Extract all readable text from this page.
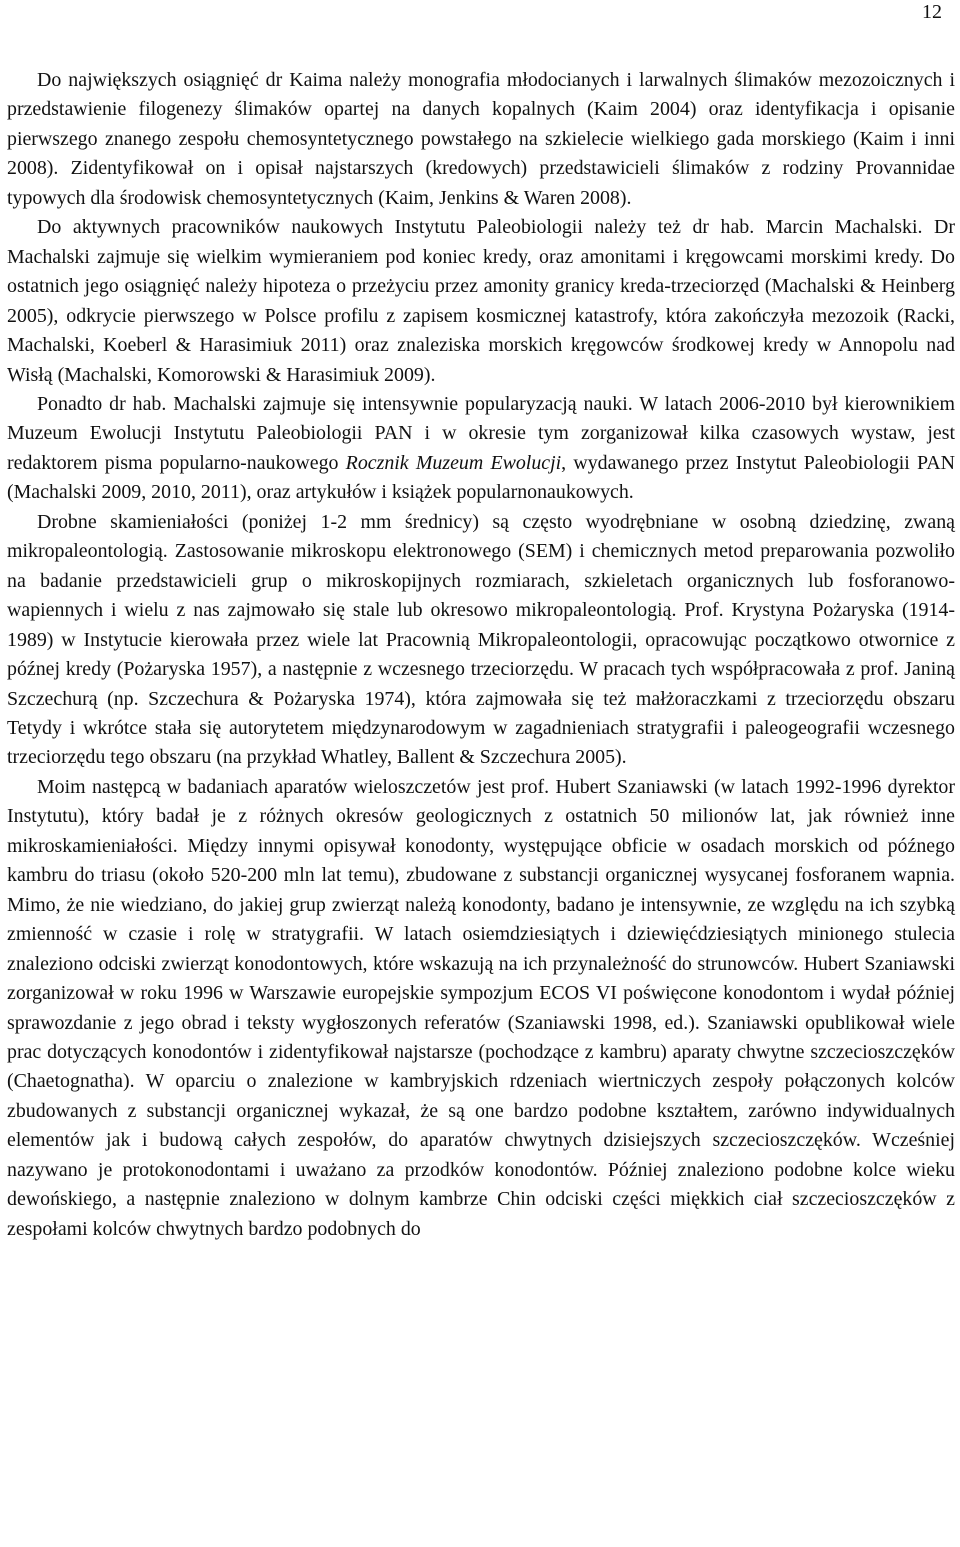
12

Do największych osiągnięć dr Kaima należy monografia młodocianych i larwalnych ślimaków mezozoicznych i przedstawienie filogenezy ślimaków opartej na danych kopalnych (Kaim 2004) oraz identyfikacja i opisanie pierwszego znanego zespołu chemosyntetycznego powstałego na szkielecie wielkiego gada morskiego (Kaim i inni 2008). Zidentyfikował on i opisał najstarszych (kredowych) przedstawicieli ślimaków z rodziny Provannidae typowych dla środowisk chemosyntetycznych (Kaim, Jenkins & Waren 2008).

Do aktywnych pracowników naukowych Instytutu Paleobiologii należy też dr hab. Marcin Machalski. Dr Machalski zajmuje się wielkim wymieraniem pod koniec kredy, oraz amonitami i kręgowcami morskimi kredy. Do ostatnich jego osiągnięć należy hipoteza o przeżyciu przez amonity granicy kreda-trzeciorzęd (Machalski & Heinberg 2005), odkrycie pierwszego w Polsce profilu z zapisem kosmicznej katastrofy, która zakończyła mezozoik (Racki, Machalski, Koeberl & Harasimiuk 2011) oraz znaleziska morskich kręgowców środkowej kredy w Annopolu nad Wisłą (Machalski, Komorowski & Harasimiuk 2009).

Ponadto dr hab. Machalski zajmuje się intensywnie popularyzacją nauki. W latach 2006-2010 był kierownikiem Muzeum Ewolucji Instytutu Paleobiologii PAN i w okresie tym zorganizował kilka czasowych wystaw, jest redaktorem pisma popularno-naukowego Rocznik Muzeum Ewolucji, wydawanego przez Instytut Paleobiologii PAN (Machalski 2009, 2010, 2011), oraz artykułów i książek popularnonaukowych.

Drobne skamieniałości (poniżej 1-2 mm średnicy) są często wyodrębniane w osobną dziedzinę, zwaną mikropaleontologią. Zastosowanie mikroskopu elektronowego (SEM) i chemicznych metod preparowania pozwoliło na badanie przedstawicieli grup o mikroskopijnych rozmiarach, szkieletach organicznych lub fosforanowo-wapiennych i wielu z nas zajmowało się stale lub okresowo mikropaleontologią. Prof. Krystyna Pożaryska (1914-1989) w Instytucie kierowała przez wiele lat Pracownią Mikropaleontologii, opracowując początkowo otwornice z późnej kredy (Pożaryska 1957), a następnie z wczesnego trzeciorzędu. W pracach tych współpracowała z prof. Janiną Szczechurą (np. Szczechura & Pożaryska 1974), która zajmowała się też małżoraczkami z trzeciorzędu obszaru Tetydy i wkrótce stała się autorytetem międzynarodowym w zagadnieniach stratygrafii i paleogeografii wczesnego trzeciorzędu tego obszaru (na przykład Whatley, Ballent & Szczechura 2005).

Moim następcą w badaniach aparatów wieloszczetów jest prof. Hubert Szaniawski (w latach 1992-1996 dyrektor Instytutu), który badał je z różnych okresów geologicznych z ostatnich 50 milionów lat, jak również inne mikroskamieniałości. Między innymi opisywał konodonty, występujące obficie w osadach morskich od późnego kambru do triasu (około 520-200 mln lat temu), zbudowane z substancji organicznej wysycanej fosforanem wapnia. Mimo, że nie wiedziano, do jakiej grup zwierząt należą konodonty, badano je intensywnie, ze względu na ich szybką zmienność w czasie i rolę w stratygrafii. W latach osiemdziesiątych i dziewięćdziesiątych minionego stulecia znaleziono odciski zwierząt konodontowych, które wskazują na ich przynależność do strunowców. Hubert Szaniawski zorganizował w roku 1996 w Warszawie europejskie sympozjum ECOS VI poświęcone konodontom i wydał później sprawozdanie z jego obrad i teksty wygłoszonych referatów (Szaniawski 1998, ed.). Szaniawski opublikował wiele prac dotyczących konodontów i zidentyfikował najstarsze (pochodzące z kambru) aparaty chwytne szczecioszczęków (Chaetognatha). W oparciu o znalezione w kambryjskich rdzeniach wiertniczych zespoły połączonych kolców zbudowanych z substancji organicznej wykazał, że są one bardzo podobne kształtem, zarówno indywidualnych elementów jak i budową całych zespołów, do aparatów chwytnych dzisiejszych szczecioszczęków. Wcześniej nazywano je protokonodontami i uważano za przodków konodontów. Później znaleziono podobne kolce wieku dewońskiego, a następnie znaleziono w dolnym kambrze Chin odciski części miękkich ciał szczecioszczęków z zespołami kolców chwytnych bardzo podobnych do
